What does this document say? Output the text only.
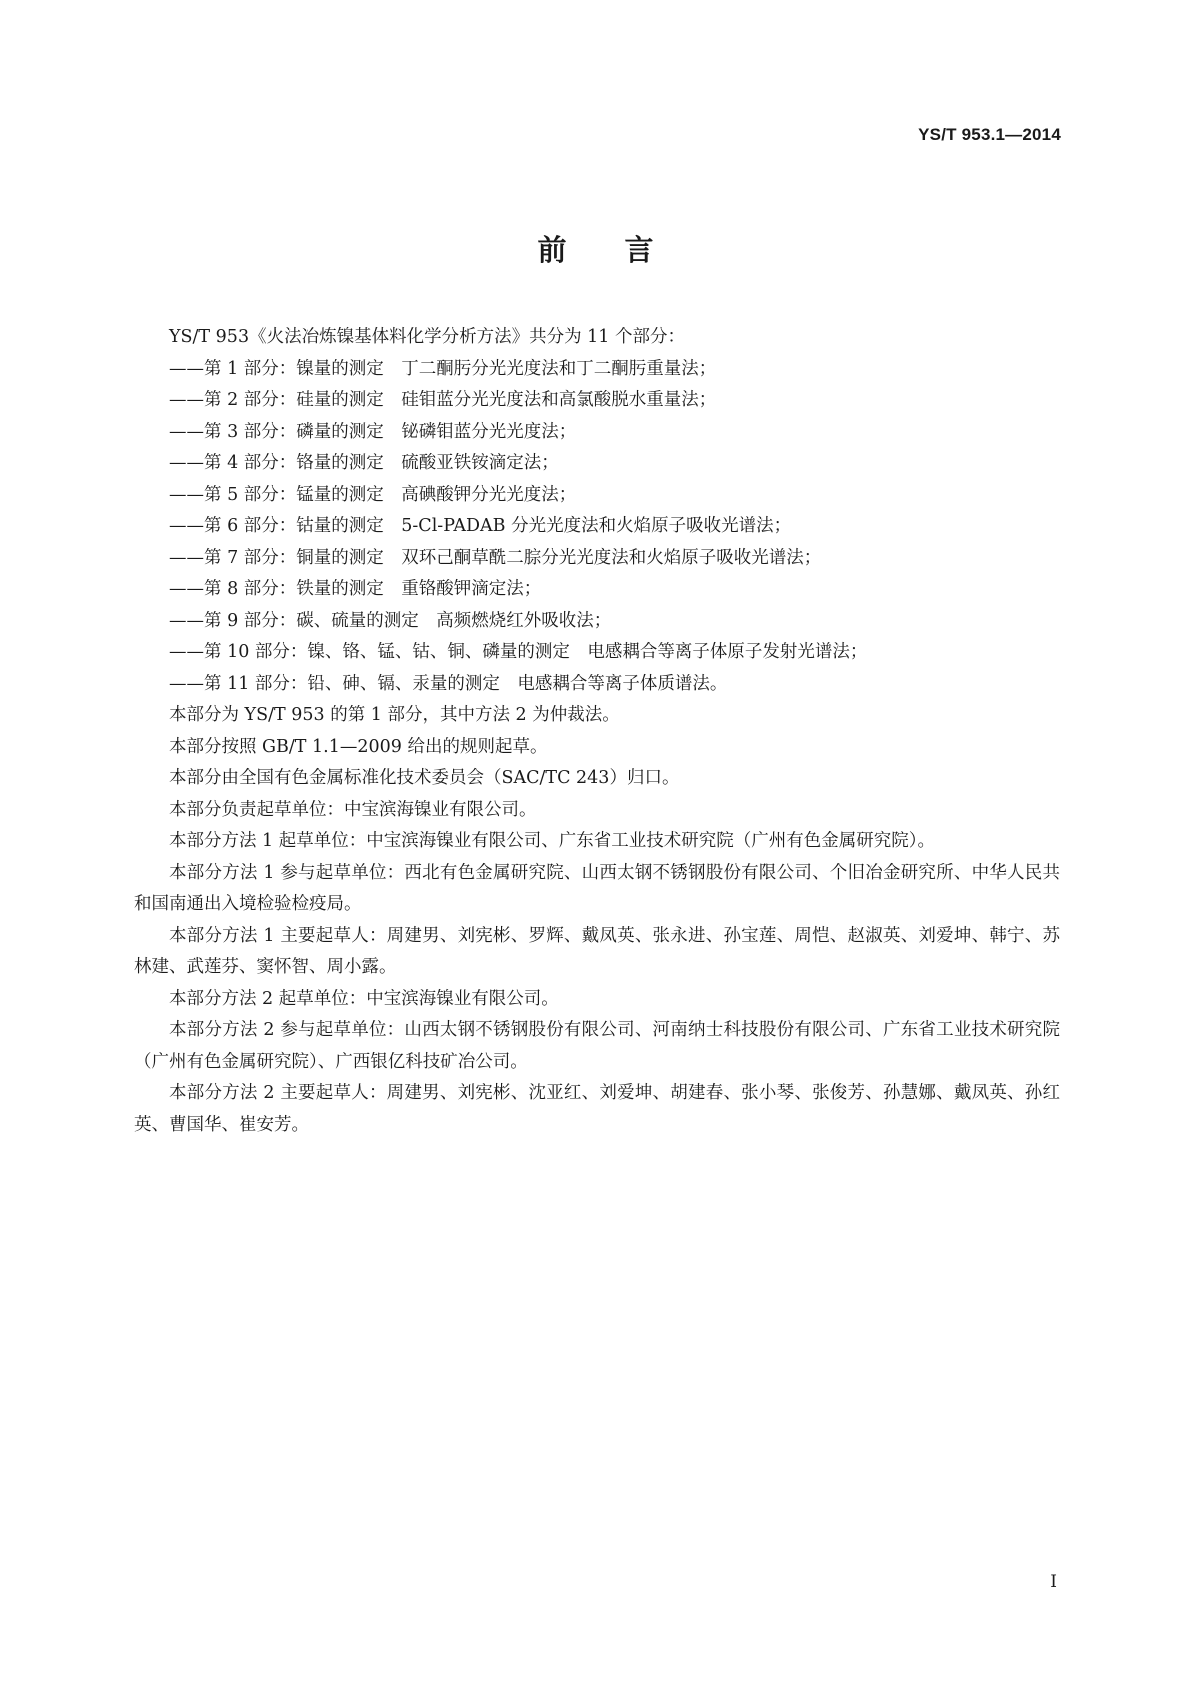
YS/T 953.1—2014
前言

YS/T 953《火法冶炼镍基体料化学分析方法》共分为 11 个部分：

——第 1 部分：镍量的测定　丁二酮肟分光光度法和丁二酮肟重量法；

——第 2 部分：硅量的测定　硅钼蓝分光光度法和高氯酸脱水重量法；

——第 3 部分：磷量的测定　铋磷钼蓝分光光度法；

——第 4 部分：铬量的测定　硫酸亚铁铵滴定法；

——第 5 部分：锰量的测定　高碘酸钾分光光度法；

——第 6 部分：钴量的测定　5-Cl-PADAB 分光光度法和火焰原子吸收光谱法；

——第 7 部分：铜量的测定　双环己酮草酰二腙分光光度法和火焰原子吸收光谱法；

——第 8 部分：铁量的测定　重铬酸钾滴定法；

——第 9 部分：碳、硫量的测定　高频燃烧红外吸收法；

——第 10 部分：镍、铬、锰、钴、铜、磷量的测定　电感耦合等离子体原子发射光谱法；

——第 11 部分：铅、砷、镉、汞量的测定　电感耦合等离子体质谱法。

本部分为 YS/T 953 的第 1 部分，其中方法 2 为仲裁法。

本部分按照 GB/T 1.1—2009 给出的规则起草。

本部分由全国有色金属标准化技术委员会（SAC/TC 243）归口。

本部分负责起草单位：中宝滨海镍业有限公司。

本部分方法 1 起草单位：中宝滨海镍业有限公司、广东省工业技术研究院（广州有色金属研究院）。

本部分方法 1 参与起草单位：西北有色金属研究院、山西太钢不锈钢股份有限公司、个旧冶金研究所、中华人民共和国南通出入境检验检疫局。

本部分方法 1 主要起草人：周建男、刘宪彬、罗辉、戴凤英、张永进、孙宝莲、周恺、赵淑英、刘爱坤、韩宁、苏林建、武莲芬、窦怀智、周小露。

本部分方法 2 起草单位：中宝滨海镍业有限公司。

本部分方法 2 参与起草单位：山西太钢不锈钢股份有限公司、河南纳士科技股份有限公司、广东省工业技术研究院（广州有色金属研究院）、广西银亿科技矿冶公司。

本部分方法 2 主要起草人：周建男、刘宪彬、沈亚红、刘爱坤、胡建春、张小琴、张俊芳、孙慧娜、戴凤英、孙红英、曹国华、崔安芳。

I
